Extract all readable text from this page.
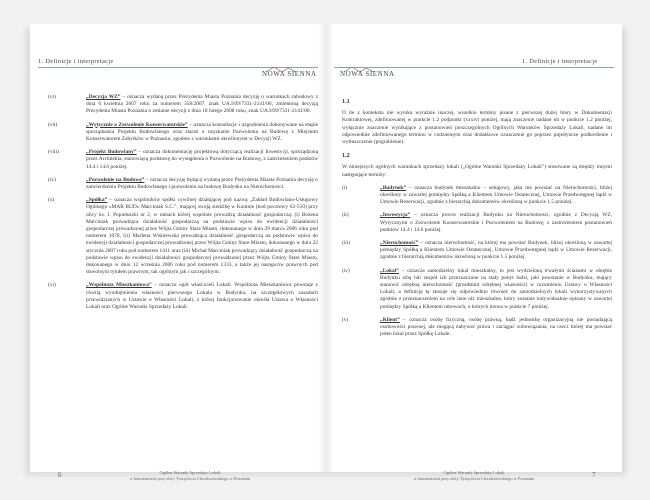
1. Definicje i interpretacje
NOWA SIENNA
(vi)	„Decyzja WZ” – oznacza wydaną przez Prezydenta Miasta Poznania decyzję o warunkach zabudowy z dnia 6 kwietnia 2007 roku za numerem 358/2007, znak UA.I/09/7331-2141/06, zmienioną decyzją Prezydenta Miasta Poznania o zmianie decyzji z dnia 18 lutego 2008 roku, znak UA.I/09/7331-2141/06.
(vii)	„Wytycznie o Zezwolenie Konserwatorskie” – oznacza konsultacje i uzgodnienia dokonywane na etapie sporządzania Projektu Budowlanego oraz starań o uzyskanie Pozwolenia na Budowę z Miejskim Konserwatorem Zabytków w Poznaniu, zgodnie z warunkami określonymi w Decyzji WZ.
(viii)	„Projekt Budowlany” – oznacza dokumentację projektową dotyczącą realizacji Inwestycji, sporządzoną przez Architekta, stanowiącą podstawę do wystąpienia o Pozwolenie na Budowę, z zastrzeżeniem punktów 14.4 i 14.6 poniżej.
(ix)	„Pozwolenie na Budowę” – oznacza decyzję będącą wydaną przez Prezydenta Miasta Poznania decyzję o zatwierdzeniu Projektu Budowlanego i pozwoleniu na budowę Budynku na Nieruchomości.
(x)	„Spółka” – oznacza wspólników spółki cywilnej działającej pod nazwą „Zakład Budowlano-Usługowy Ogólnego «MAR BUD» Marciniak S.C.”, mającej swoją siedzibę w Koninie (kod pocztowy 62-510) przy ulicy ks. J. Popiełuszki nr 2, w ramach której wspólnie prowadzą działalność gospodarczą: (i) Bożena Marciniak prowadząca działalność gospodarczą na podstawie wpisu do ewidencji działalności gospodarczej prowadzonej przez Wójta Gminy Stare Miasto, dokonanego w dniu 29 marca 2006 roku pod numerem 1078, (ii) Marlena Wiśniewska prowadząca działalność gospodarczą na podstawie wpisu do ewidencji działalności gospodarczej prowadzonej przez Wójta Gminy Stare Miasto, dokonanego w dniu 22 stycznia 2007 roku pod numerem 1411 oraz (iii) Michał Marciniak prowadzący działalność gospodarczą na podstawie wpisu do ewidencji działalności gospodarczej prowadzonej przez Wójta Gminy Stare Miasto, dokonanego w dniu 12 września 2006 roku pod numerem 1333, a także jej następców prawnych pod dowolnym tytułem prawnym, tak ogólnym jak i szczególnym.
(xi)	„Wspólnota Mieszkaniowa” – oznacza ogół właścicieli Lokali. Wspólnota Mieszkaniowa powstaje z chwilą wyodrębnienia własności pierwszego Lokalu w Budynku, na szczegółowych zasadach przewidzianych w Ustawie o Własności Lokali, z której funkcjonowanie określa Ustawa o Własności Lokali oraz Ogólne Warunki Sprzedaży Lokali.
6	Ogólne Warunki Sprzedaży Lokali
w kamienicach przy ulicy Tysiąclecia Chwalszewskiego w Poznaniu
NOWA SIENNA
1. Definicje i interpretacje
1.1
O ile z kontekstu nie wynika wyraźnie inaczej, wszelkie terminy pisane z pierwszej dużej litery w Dokumentacji Kontraktowej, zdefiniowanej w punkcie 1.2 podpunkt (xxxiv) poniżej, mają znaczenie nadane im w punkcie 1.2 poniżej, wyłącznie znaczenie wynikające z postanowień poszczególnych Ogólnych Warunków Sprzedaży Lokali, nadane im odpowiednie zdefiniowanego terminu w codziennym oraz dodatkowe oznaczenie go poprzez pojedyncze podkreślenie i wytłuszczenie (pogrubienie).
1.2
W niniejszych ogólnych warunkach sprzedaży lokali („Ogólne Warunki Sprzedaży Lokali”) stosowane są między innymi następujące terminy:
(i)	„Budynek” – oznacza budynek mieszkalno – usługowy, jaka ma powstać na Nieruchomości, bliżej określony w zawartej pomiędzy Spółką a Klientem Umowie Ostatecznej, Umowie Przedwstępnej bądź w Umowie Rezerwacji, zgodnie z hierarchią dokumentów określoną w punkcie 1.5 poniżej.
(ii)	„Inwestycja” – oznacza proces realizacji Budynku na Nieruchomości, zgodnie z Decyzją WZ, Wytycznymi o Zezwolenie Konserwatorskie i Pozwoleniem na Budowę, z zastrzeżeniem postanowień punktów 14.4 i 14.6 poniżej.
(iii)	„Nieruchomość” – oznacza nieruchomość, na której ma powstać Budynek, bliżej określoną w zawartej pomiędzy Spółką a Klientem Umowie Ostatecznej, Umowie Przedwstępnej bądź w Umowie Rezerwacji, zgodnie z hierarchią dokumentów określoną w punkcie 1.5 poniżej.
(iv)	„Lokal” – oznacza samodzielny lokal mieszkalny, to jest wydzieloną trwałymi ścianami w obrębie Budynku izbę lub zespół izb przeznaczone na stały pobyt ludzi, jaki powstanie w Budynku, mający stanowić odrębną nieruchomość (przedmiot odrębnej własności) w rozumieniu Ustawy o Własności Lokali, a definicję tę stosuje się odpowiednio również do samodzielnych lokali wykorzystywanych zgodnie z przeznaczeniem na cele inne niż mieszkalne, który zostanie indywidualnie opisany w zawartej pomiędzy Spółką a Klientem umowach, o których mowa w punkcie 7 poniżej.
(v)	„Klient” – oznacza osobę fizyczną, osobę prawną, bądź jednostkę organizacyjną nie posiadającą osobowości prawnej, ale mogącą nabywać prawa i zaciągać zobowiązania, na rzecz której ma powstać jeden lokal przez Spółkę Lokale.
Ogólne Warunki Sprzedaży Lokali
w kamienicach przy ulicy Tysiąclecia Chwalszewskiego w Poznaniu	7
